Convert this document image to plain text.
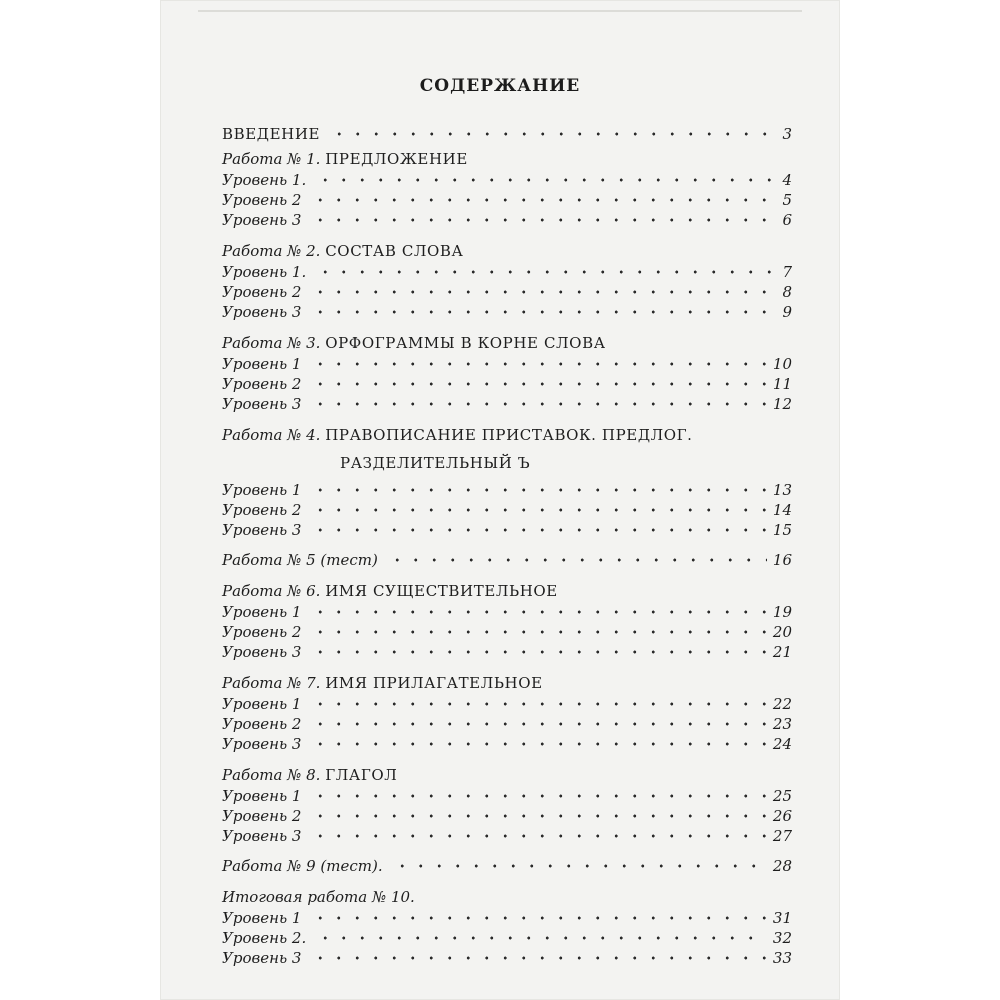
СОДЕРЖАНИЕ
ВВЕДЕНИЕ	3
Работа № 1. ПРЕДЛОЖЕНИЕ
Уровень 1.	4
Уровень 2	5
Уровень 3	6
Работа № 2. СОСТАВ СЛОВА
Уровень 1.	7
Уровень 2	8
Уровень 3	9
Работа № 3. ОРФОГРАММЫ В КОРНЕ СЛОВА
Уровень 1	10
Уровень 2	11
Уровень 3	12
Работа № 4. ПРАВОПИСАНИЕ ПРИСТАВОК. ПРЕДЛОГ.
РАЗДЕЛИТЕЛЬНЫЙ Ъ
Уровень 1	13
Уровень 2	14
Уровень 3	15
Работа № 5 (тест)	16
Работа № 6. ИМЯ СУЩЕСТВИТЕЛЬНОЕ
Уровень 1	19
Уровень 2	20
Уровень 3	21
Работа № 7. ИМЯ ПРИЛАГАТЕЛЬНОЕ
Уровень 1	22
Уровень 2	23
Уровень 3	24
Работа № 8. ГЛАГОЛ
Уровень 1	25
Уровень 2	26
Уровень 3	27
Работа № 9 (тест).	28
Итоговая работа № 10.
Уровень 1	31
Уровень 2.	32
Уровень 3	33
